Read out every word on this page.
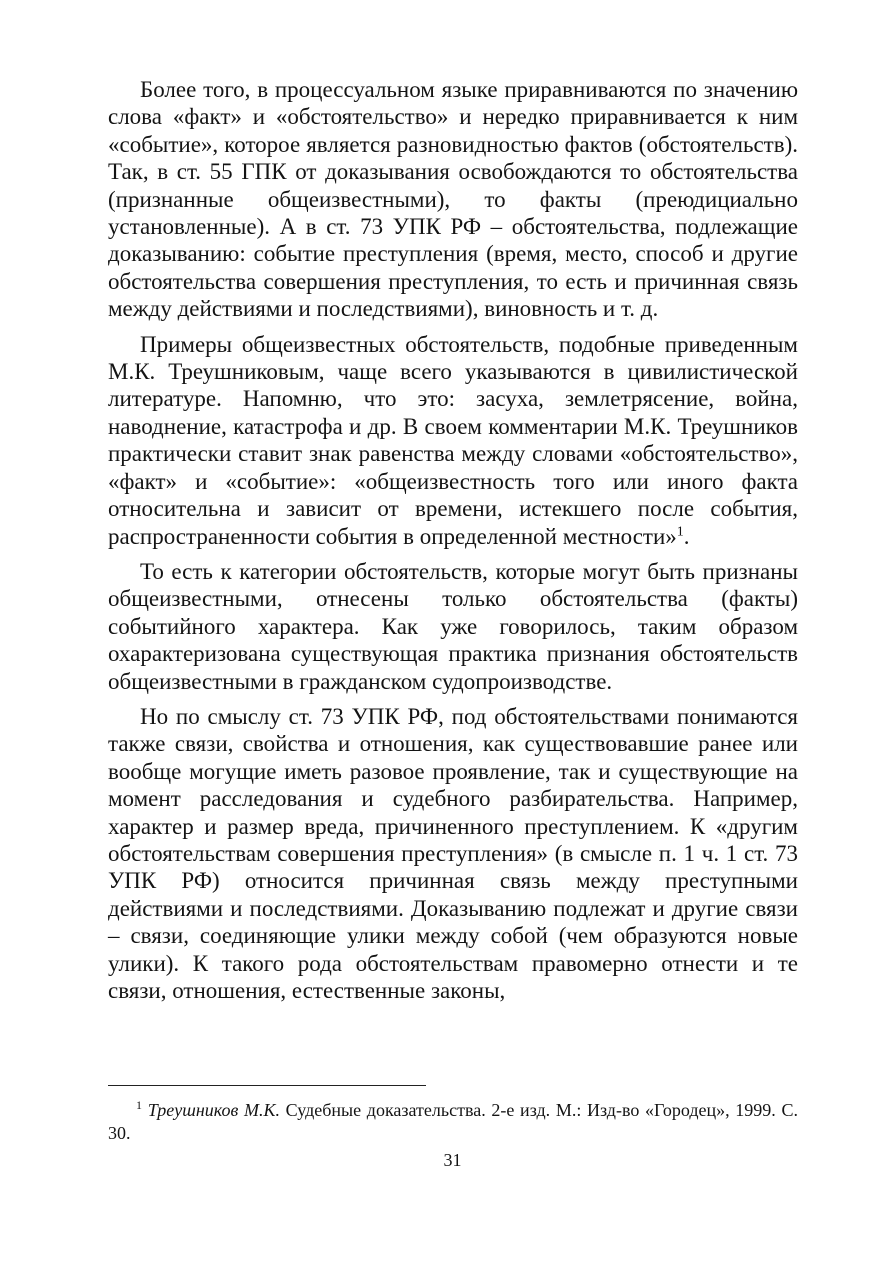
Более того, в процессуальном языке приравниваются по значению слова «факт» и «обстоятельство» и нередко приравнивается к ним «событие», которое является разновидностью фактов (обстоятельств). Так, в ст. 55 ГПК от доказывания освобождаются то обстоятельства (признанные общеизвестными), то факты (преюдициально установленные). А в ст. 73 УПК РФ – обстоятельства, подлежащие доказыванию: событие преступления (время, место, способ и другие обстоятельства совершения преступления, то есть и причинная связь между действиями и последствиями), виновность и т. д.

Примеры общеизвестных обстоятельств, подобные приведенным М.К. Треушниковым, чаще всего указываются в цивилистической литературе. Напомню, что это: засуха, землетрясение, война, наводнение, катастрофа и др. В своем комментарии М.К. Треушников практически ставит знак равенства между словами «обстоятельство», «факт» и «событие»: «общеизвестность того или иного факта относительна и зависит от времени, истекшего после события, распространенности события в определенной местности»$^1$.

То есть к категории обстоятельств, которые могут быть признаны общеизвестными, отнесены только обстоятельства (факты) событийного характера. Как уже говорилось, таким образом охарактеризована существующая практика признания обстоятельств общеизвестными в гражданском судопроизводстве.

Но по смыслу ст. 73 УПК РФ, под обстоятельствами понимаются также связи, свойства и отношения, как существовавшие ранее или вообще могущие иметь разовое проявление, так и существующие на момент расследования и судебного разбирательства. Например, характер и размер вреда, причиненного преступлением. К «другим обстоятельствам совершения преступления» (в смысле п. 1 ч. 1 ст. 73 УПК РФ) относится причинная связь между преступными действиями и последствиями. Доказыванию подлежат и другие связи – связи, соединяющие улики между собой (чем образуются новые улики). К такого рода обстоятельствам правомерно отнести и те связи, отношения, естественные законы,

$^1$ Треушников М.К. Судебные доказательства. 2-е изд. М.: Изд-во «Городец», 1999. С. 30.

31
